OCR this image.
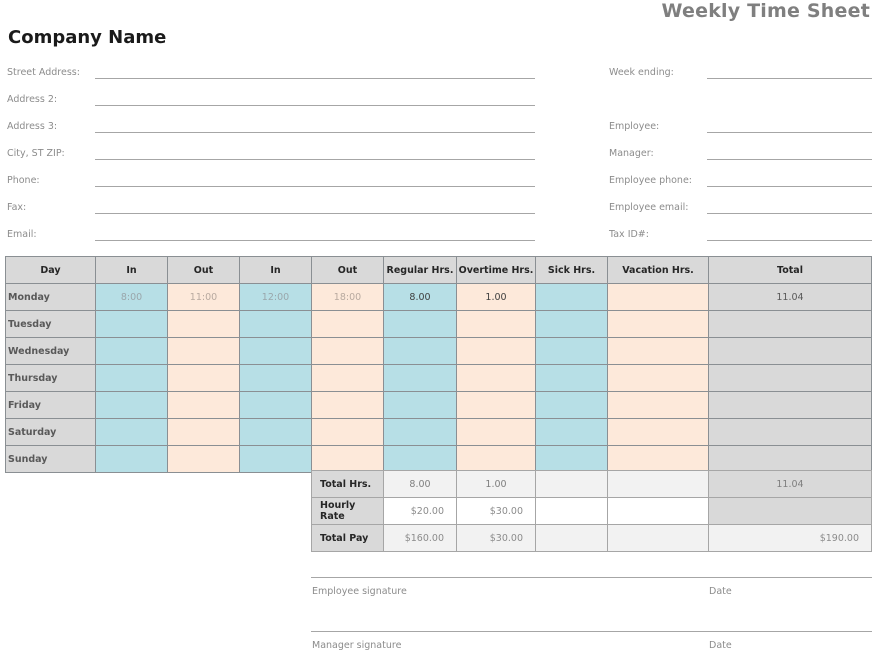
Weekly Time Sheet
Company Name
Street Address:
Address 2:
Address 3:
City, ST ZIP:
Phone:
Fax:
Email:
Week ending:
Employee:
Manager:
Employee phone:
Employee email:
Tax ID#:
Day	In	Out	In	Out	Regular Hrs.	Overtime Hrs.	Sick Hrs.	Vacation Hrs.	Total
Monday	8:00	11:00	12:00	18:00	8.00	1.00			11.04
Tuesday									
Wednesday									
Thursday									
Friday									
Saturday									
Sunday									
Total Hrs.	8.00	1.00			11.04
Hourly Rate	$20.00	$30.00			
Total Pay	$160.00	$30.00			$190.00
Employee signature	Date
Manager signature	Date
